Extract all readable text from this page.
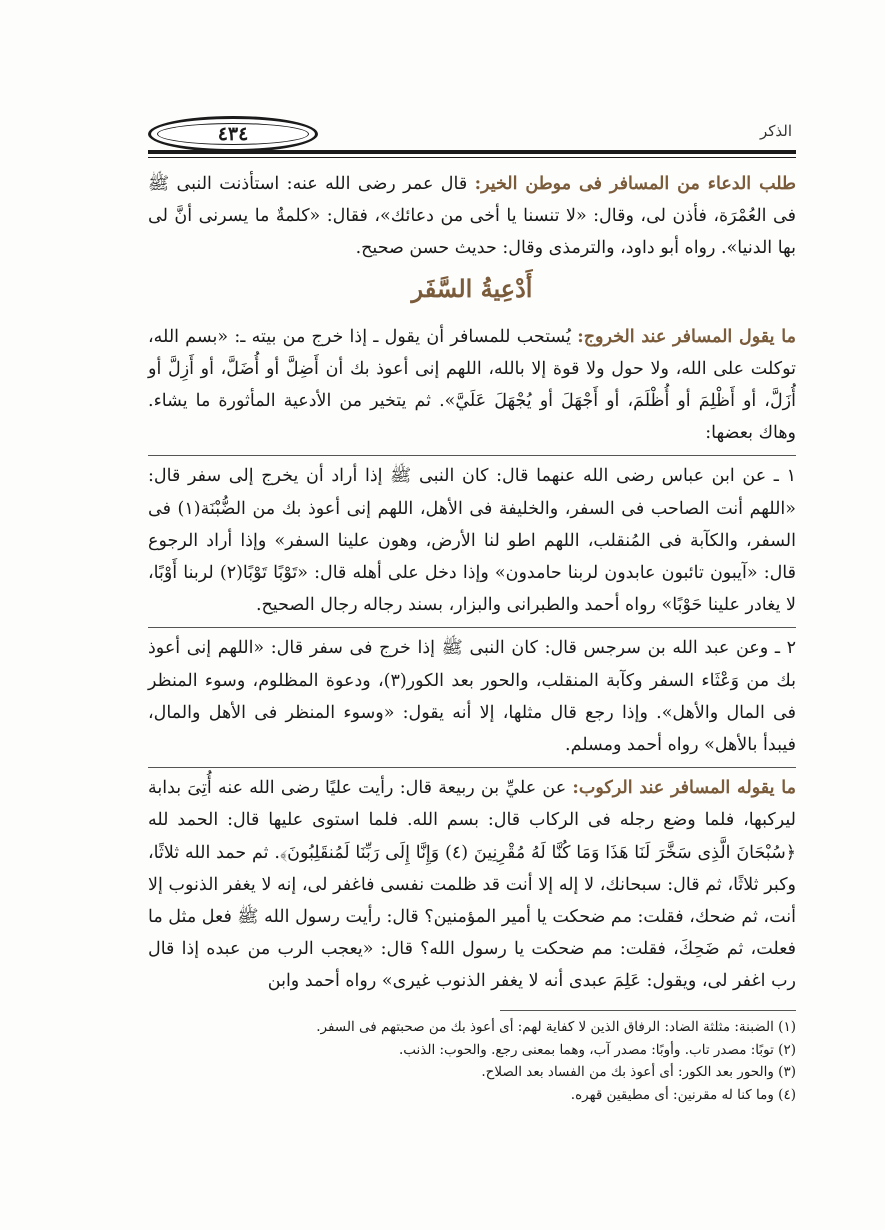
٤٣٤	الذكر

طلب الدعاء من المسافر فى موطن الخير: قال عمر رضى الله عنه: استأذنت النبى ﷺ فى العُمْرَة، فأذن لى، وقال: «لا تنسنا يا أخى من دعائك»، فقال: «كلمةٌ ما يسرنى أنَّ لى بها الدنيا». رواه أبو داود، والترمذى وقال: حديث حسن صحيح.

أَدْعِيةُ السَّفَر

ما يقول المسافر عند الخروج: يُستحب للمسافر أن يقول ـ إذا خرج من بيته ـ: «بسم الله، توكلت على الله، ولا حول ولا قوة إلا بالله، اللهم إنى أعوذ بك أن أَضِلَّ أو أُضَلَّ، أو أَزِلَّ أو أُزَلَّ، أو أَظْلِمَ أو أُظْلَمَ، أو أَجْهَلَ أو يُجْهَلَ عَلَيَّ». ثم يتخير من الأدعية المأثورة ما يشاء. وهاك بعضها:

١ ـ عن ابن عباس رضى الله عنهما قال: كان النبى ﷺ إذا أراد أن يخرج إلى سفر قال: «اللهم أنت الصاحب فى السفر، والخليفة فى الأهل، اللهم إنى أعوذ بك من الضُّبْنَة(١) فى السفر، والكآبة فى المُنقلب، اللهم اطو لنا الأرض، وهون علينا السفر» وإذا أراد الرجوع قال: «آيبون تائبون عابدون لربنا حامدون» وإذا دخل على أهله قال: «تَوْبًا تَوْبًا(٢) لربنا أَوْبًا، لا يغادر علينا حَوْبًا» رواه أحمد والطبرانى والبزار، بسند رجاله رجال الصحيح.

٢ ـ وعن عبد الله بن سرجس قال: كان النبى ﷺ إذا خرج فى سفر قال: «اللهم إنى أعوذ بك من وَعْثَاء السفر وكآبة المنقلب، والحور بعد الكور(٣)، ودعوة المظلوم، وسوء المنظر فى المال والأهل». وإذا رجع قال مثلها، إلا أنه يقول: «وسوء المنظر فى الأهل والمال، فيبدأ بالأهل» رواه أحمد ومسلم.

ما يقوله المسافر عند الركوب: عن عليِّ بن ربيعة قال: رأيت عليًا رضى الله عنه أُتِىَ بدابة ليركبها، فلما وضع رجله فى الركاب قال: بسم الله. فلما استوى عليها قال: الحمد لله ﴿سُبْحَانَ الَّذِى سَخَّرَ لَنَا هَذَا وَمَا كُنَّا لَهُ مُقْرِنِينَ (٤) وَإِنَّا إِلَى رَبِّنَا لَمُنقَلِبُونَ﴾. ثم حمد الله ثلاثًا، وكبر ثلاثًا، ثم قال: سبحانك، لا إله إلا أنت قد ظلمت نفسى فاغفر لى، إنه لا يغفر الذنوب إلا أنت، ثم ضحك، فقلت: مم ضحكت يا أمير المؤمنين؟ قال: رأيت رسول الله ﷺ فعل مثل ما فعلت، ثم ضَحِكَ، فقلت: مم ضحكت يا رسول الله؟ قال: «يعجب الرب من عبده إذا قال رب اغفر لى، ويقول: عَلِمَ عبدى أنه لا يغفر الذنوب غيرى» رواه أحمد وابن

(١) الضبنة: مثلثة الضاد: الرفاق الذين لا كفاية لهم: أى أعوذ بك من صحبتهم فى السفر.

(٢) توبًا: مصدر تاب. وأوبًا: مصدر آب، وهما بمعنى رجع. والحوب: الذنب.

(٣) والحور بعد الكور: أى أعوذ بك من الفساد بعد الصلاح.

(٤) وما كنا له مقرنين: أى مطيقين قهره.
